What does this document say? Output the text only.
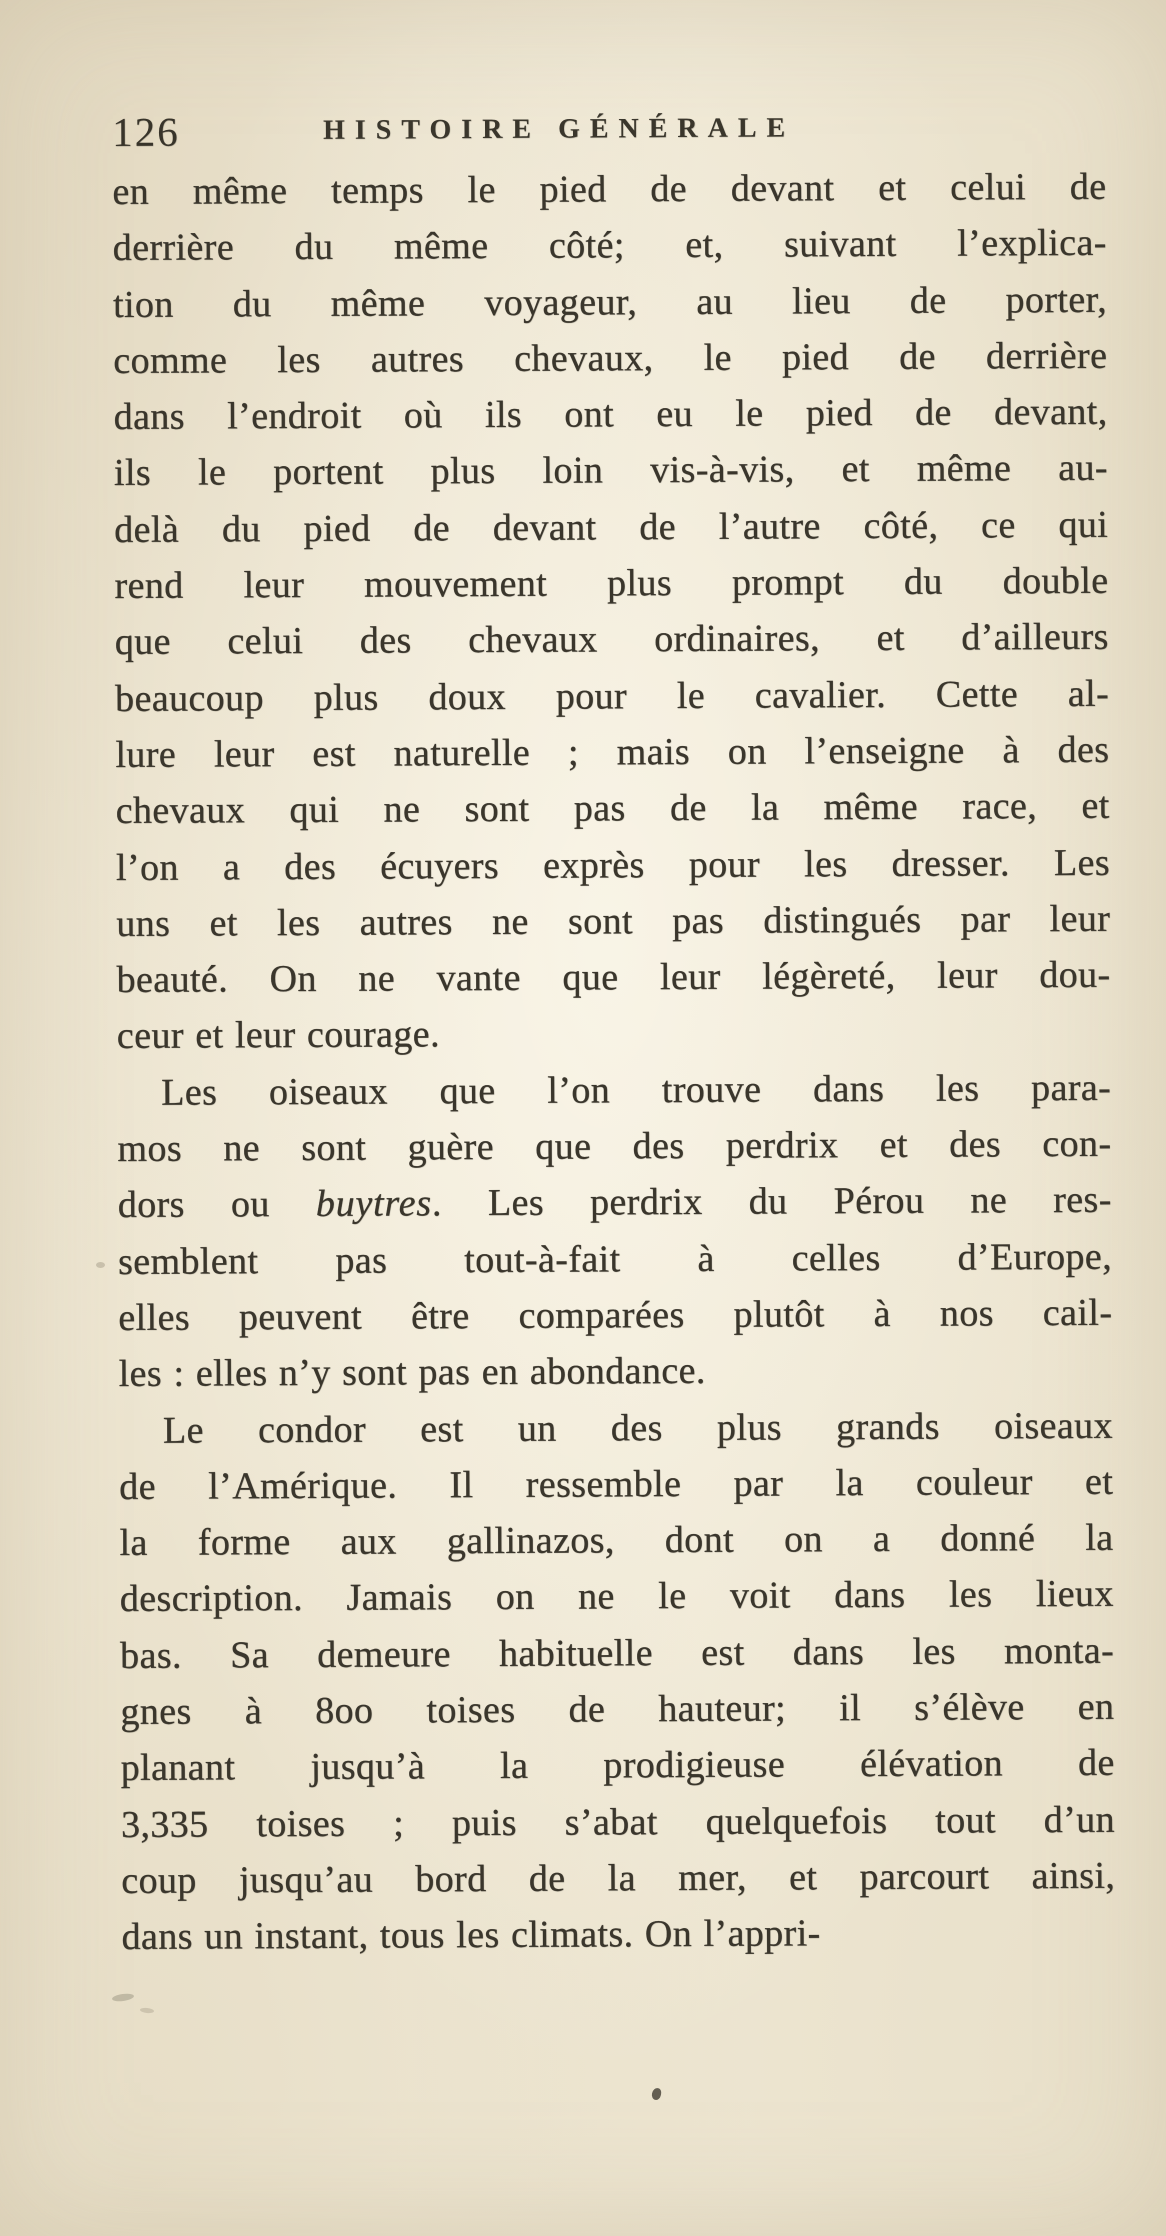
126	HISTOIRE GÉNÉRALE
en même temps le pied de devant et celui de
derrière du même côté; et, suivant l’explica-
tion du même voyageur, au lieu de porter,
comme les autres chevaux, le pied de derrière
dans l’endroit où ils ont eu le pied de devant,
ils le portent plus loin vis-à-vis, et même au-
delà du pied de devant de l’autre côté, ce qui
rend leur mouvement plus prompt du double
que celui des chevaux ordinaires, et d’ailleurs
beaucoup plus doux pour le cavalier. Cette al-
lure leur est naturelle ; mais on l’enseigne à des
chevaux qui ne sont pas de la même race, et
l’on a des écuyers exprès pour les dresser. Les
uns et les autres ne sont pas distingués par leur
beauté. On ne vante que leur légèreté, leur dou-
ceur et leur courage.
Les oiseaux que l’on trouve dans les para-
mos ne sont guère que des perdrix et des con-
dors ou buytres. Les perdrix du Pérou ne res-
semblent pas tout-à-fait à celles d’Europe,
elles peuvent être comparées plutôt à nos cail-
les : elles n’y sont pas en abondance.
Le condor est un des plus grands oiseaux
de l’Amérique. Il ressemble par la couleur et
la forme aux gallinazos, dont on a donné la
description. Jamais on ne le voit dans les lieux
bas. Sa demeure habituelle est dans les monta-
gnes à 8oo toises de hauteur; il s’élève en
planant jusqu’à la prodigieuse élévation de
3,335 toises ; puis s’abat quelquefois tout d’un
coup jusqu’au bord de la mer, et parcourt ainsi,
dans un instant, tous les climats. On l’appri-
